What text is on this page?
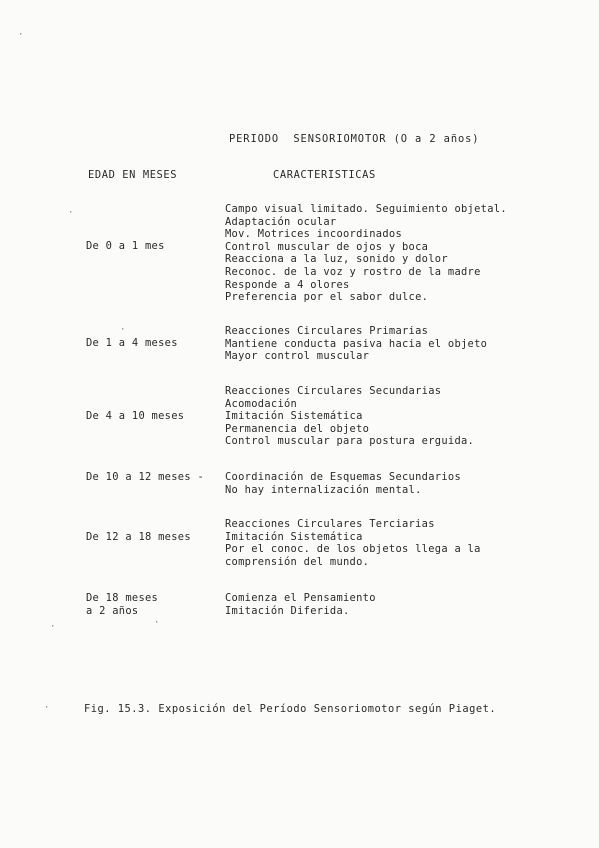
PERIODO  SENSORIOMOTOR (O a 2 años)
EDAD EN MESES	CARACTERISTICAS
De 0 a 1 mes
Campo visual limitado. Seguimiento objetal.
Adaptación ocular
Mov. Motrices incoordinados
Control muscular de ojos y boca
Reacciona a la luz, sonido y dolor
Reconoc. de la voz y rostro de la madre
Responde a 4 olores
Preferencia por el sabor dulce.
De 1 a 4 meses
Reacciones Circulares Primarias
Mantiene conducta pasiva hacia el objeto
Mayor control muscular
De 4 a 10 meses
Reacciones Circulares Secundarias
Acomodación
Imitación Sistemática
Permanencia del objeto
Control muscular para postura erguida.
De 10 a 12 meses - Coordinación de Esquemas Secundarios
No hay internalización mental.
De 12 a 18 meses
Reacciones Circulares Terciarias
Imitación Sistemática
Por el conoc. de los objetos llega a la
comprensión del mundo.
De 18 meses
a 2 años
Comienza el Pensamiento
Imitación Diferida.
Fig. 15.3. Exposición del Período Sensoriomotor según Piaget.
·
·
·
·
·
·
